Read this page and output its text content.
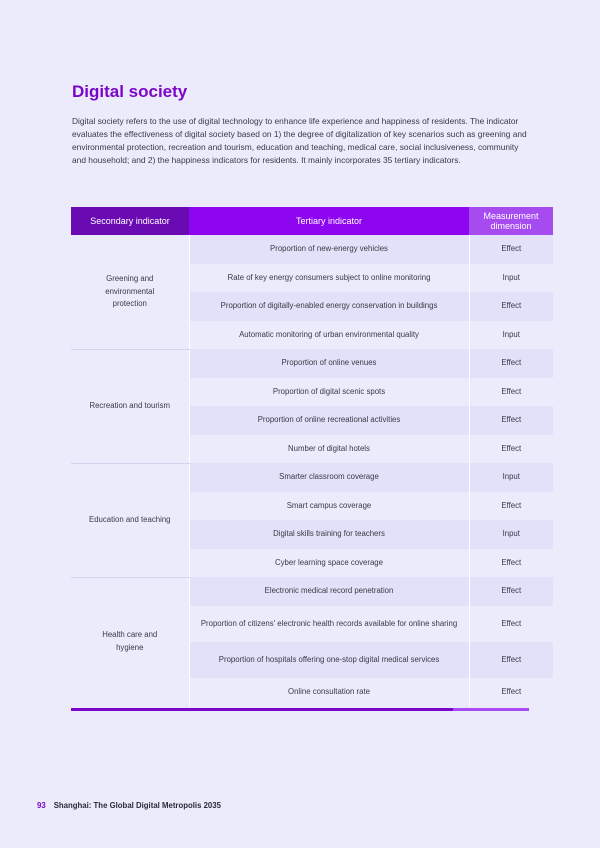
Digital society

Digital society refers to the use of digital technology to enhance life experience and happiness of residents. The indicator evaluates the effectiveness of digital society based on 1) the degree of digitalization of key scenarios such as greening and environmental protection, recreation and tourism, education and teaching, medical care, social inclusiveness, community and household; and 2) the happiness indicators for residents. It mainly incorporates 35 tertiary indicators.

Secondary indicator	Tertiary indicator	Measurement dimension
Greening and environmental protection	Proportion of new-energy vehicles	Effect
	Rate of key energy consumers subject to online monitoring	Input
	Proportion of digitally-enabled energy conservation in buildings	Effect
	Automatic monitoring of urban environmental quality	Input
Recreation and tourism	Proportion of online venues	Effect
	Proportion of digital scenic spots	Effect
	Proportion of online recreational activities	Effect
	Number of digital hotels	Effect
Education and teaching	Smarter classroom coverage	Input
	Smart campus coverage	Effect
	Digital skills training for teachers	Input
	Cyber learning space coverage	Effect
Health care and hygiene	Electronic medical record penetration	Effect
	Proportion of citizens' electronic health records available for online sharing	Effect
	Proportion of hospitals offering one-stop digital medical services	Effect
	Online consultation rate	Effect
93 Shanghai: The Global Digital Metropolis 2035
